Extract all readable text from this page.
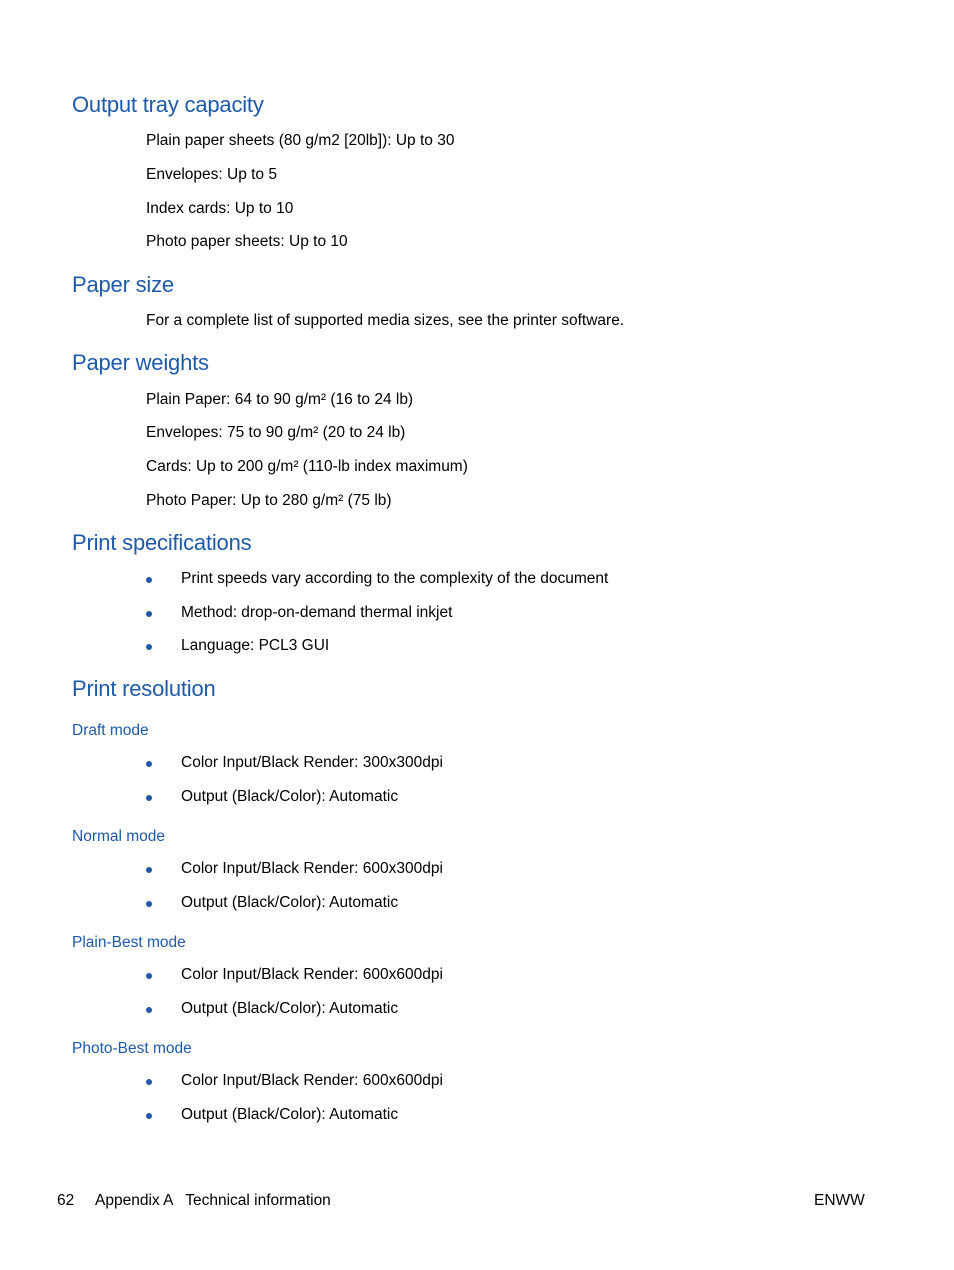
Output tray capacity

Plain paper sheets (80 g/m2 [20lb]): Up to 30

Envelopes: Up to 5

Index cards: Up to 10

Photo paper sheets: Up to 10

Paper size

For a complete list of supported media sizes, see the printer software.

Paper weights

Plain Paper: 64 to 90 g/m² (16 to 24 lb)

Envelopes: 75 to 90 g/m² (20 to 24 lb)

Cards: Up to 200 g/m² (110-lb index maximum)

Photo Paper: Up to 280 g/m² (75 lb)

Print specifications
Print speeds vary according to the complexity of the document
Method: drop-on-demand thermal inkjet
Language: PCL3 GUI
Print resolution
Draft mode
Color Input/Black Render: 300x300dpi
Output (Black/Color): Automatic
Normal mode
Color Input/Black Render: 600x300dpi
Output (Black/Color): Automatic
Plain-Best mode
Color Input/Black Render: 600x600dpi
Output (Black/Color): Automatic
Photo-Best mode
Color Input/Black Render: 600x600dpi
Output (Black/Color): Automatic
62 Appendix A   Technical information	ENWW
